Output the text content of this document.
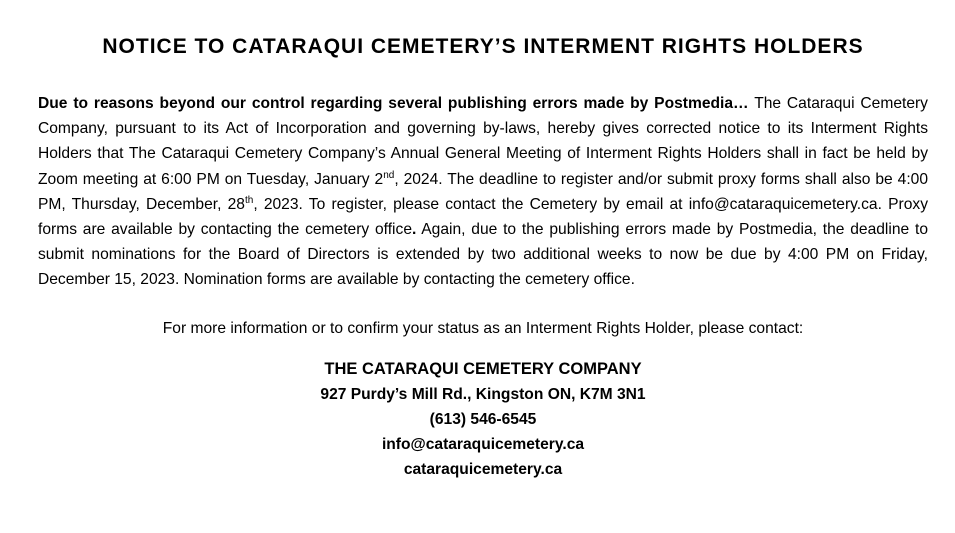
NOTICE TO CATARAQUI CEMETERY’S INTERMENT RIGHTS HOLDERS

Due to reasons beyond our control regarding several publishing errors made by Postmedia… The Cataraqui Cemetery Company, pursuant to its Act of Incorporation and governing by-laws, hereby gives corrected notice to its Interment Rights Holders that The Cataraqui Cemetery Company’s Annual General Meeting of Interment Rights Holders shall in fact be held by Zoom meeting at 6:00 PM on Tuesday, January 2nd, 2024. The deadline to register and/or submit proxy forms shall also be 4:00 PM, Thursday, December, 28th, 2023. To register, please contact the Cemetery by email at info@cataraquicemetery.ca. Proxy forms are available by contacting the cemetery office. Again, due to the publishing errors made by Postmedia, the deadline to submit nominations for the Board of Directors is extended by two additional weeks to now be due by 4:00 PM on Friday, December 15, 2023. Nomination forms are available by contacting the cemetery office.

For more information or to confirm your status as an Interment Rights Holder, please contact:

THE CATARAQUI CEMETERY COMPANY
927 Purdy’s Mill Rd., Kingston ON, K7M 3N1
(613) 546-6545
info@cataraquicemetery.ca
cataraquicemetery.ca
